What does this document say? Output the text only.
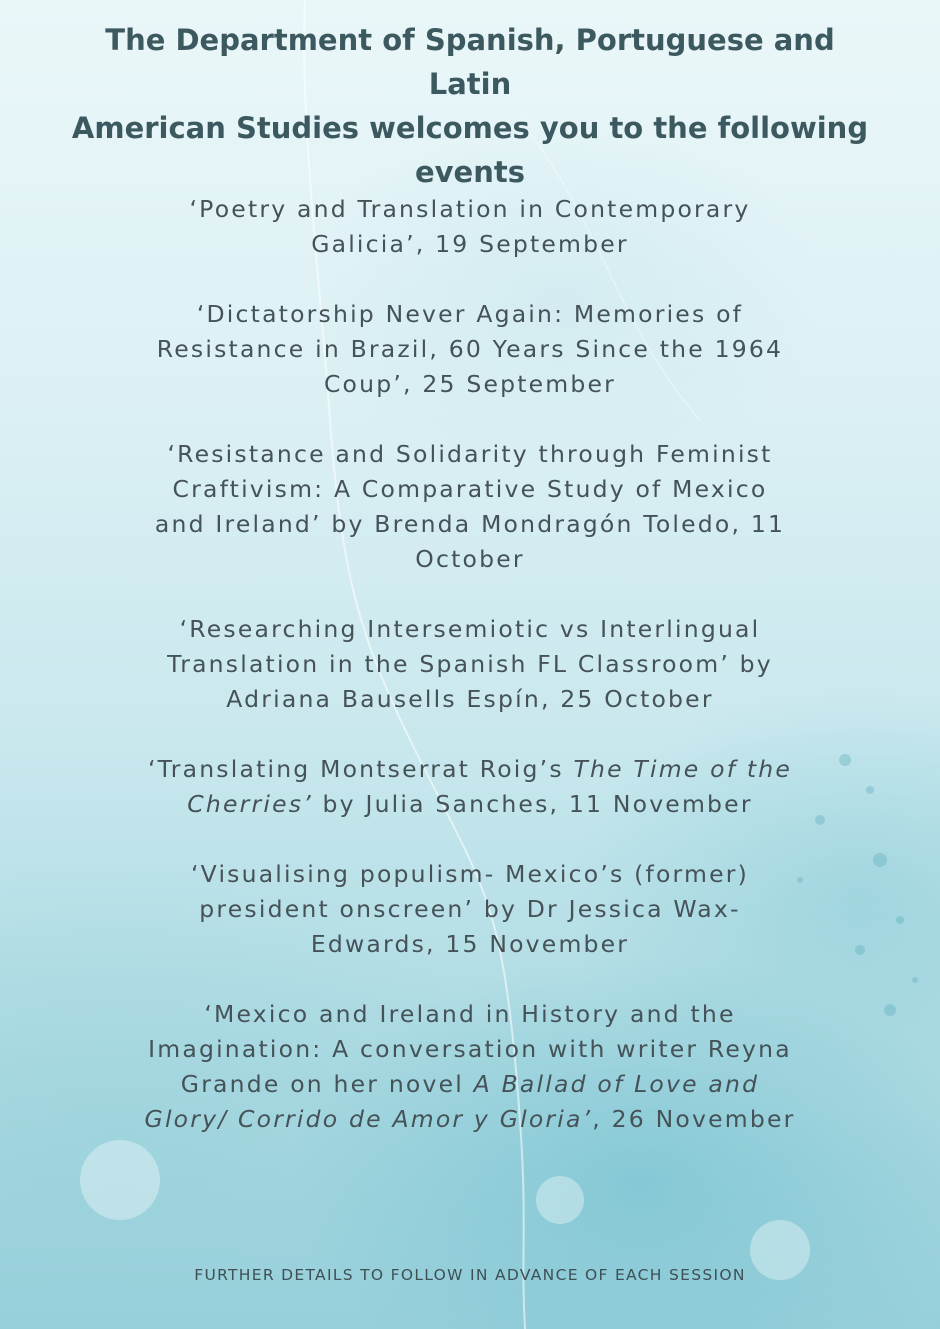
The Department of Spanish, Portuguese and Latin
American Studies welcomes you to the following
events
‘Poetry and Translation in Contemporary
Galicia’, 19 September
‘Dictatorship Never Again: Memories of
Resistance in Brazil, 60 Years Since the 1964
Coup’, 25 September
‘Resistance and Solidarity through Feminist
Craftivism: A Comparative Study of Mexico
and Ireland’ by Brenda Mondragón Toledo, 11
October
‘Researching Intersemiotic vs Interlingual
Translation in the Spanish FL Classroom’ by
Adriana Bausells Espín, 25 October
‘Translating Montserrat Roig’s The Time of the
Cherries’ by Julia Sanches, 11 November
‘Visualising populism- Mexico’s (former)
president onscreen’ by Dr Jessica Wax-
Edwards, 15 November
‘Mexico and Ireland in History and the
Imagination: A conversation with writer Reyna
Grande on her novel A Ballad of Love and
Glory/ Corrido de Amor y Gloria’, 26 November
FURTHER DETAILS TO FOLLOW IN ADVANCE OF EACH SESSION
